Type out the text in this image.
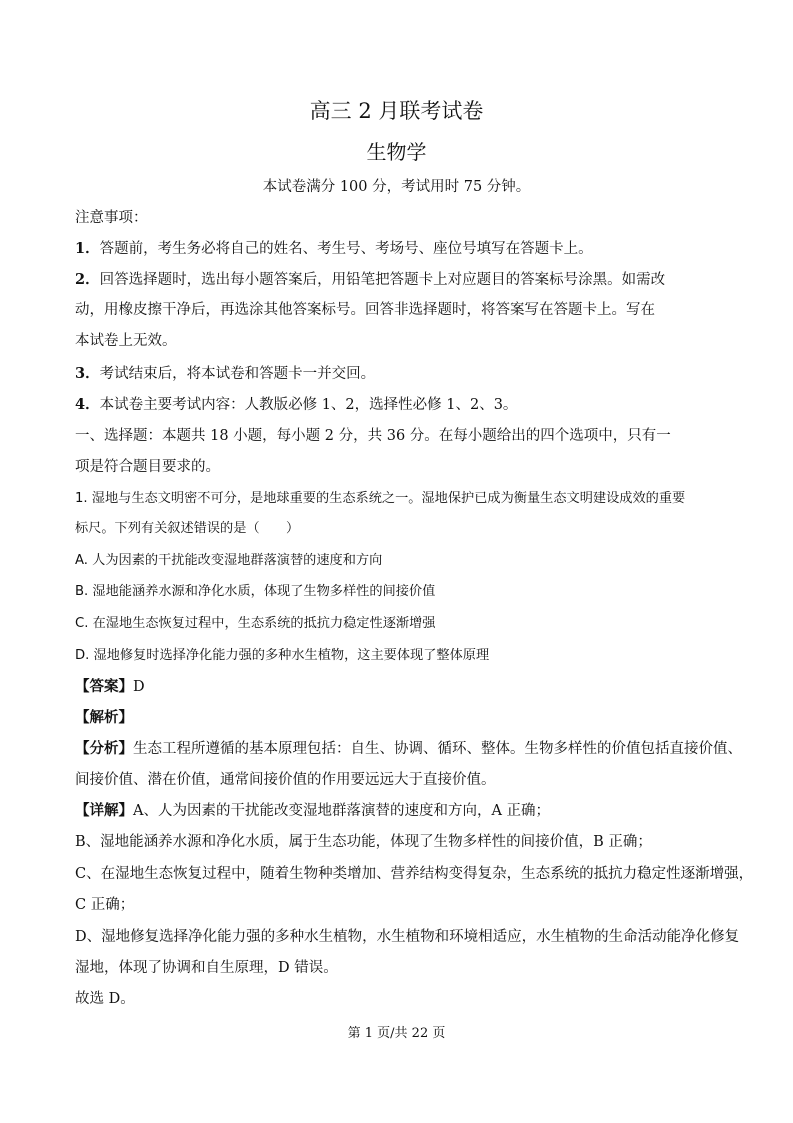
高三 2 月联考试卷
生物学
本试卷满分 100 分，考试用时 75 分钟。
注意事项：
1．答题前，考生务必将自己的姓名、考生号、考场号、座位号填写在答题卡上。
2．回答选择题时，选出每小题答案后，用铅笔把答题卡上对应题目的答案标号涂黑。如需改
动，用橡皮擦干净后，再选涂其他答案标号。回答非选择题时，将答案写在答题卡上。写在
本试卷上无效。
3．考试结束后，将本试卷和答题卡一并交回。
4．本试卷主要考试内容：人教版必修 1、2，选择性必修 1、2、3。
一、选择题：本题共 18 小题，每小题 2 分，共 36 分。在每小题给出的四个选项中，只有一
项是符合题目要求的。
1. 湿地与生态文明密不可分，是地球重要的生态系统之一。湿地保护已成为衡量生态文明建设成效的重要
标尺。下列有关叙述错误的是（　　）
A. 人为因素的干扰能改变湿地群落演替的速度和方向
B. 湿地能涵养水源和净化水质，体现了生物多样性的间接价值
C. 在湿地生态恢复过程中，生态系统的抵抗力稳定性逐渐增强
D. 湿地修复时选择净化能力强的多种水生植物，这主要体现了整体原理
【答案】D
【解析】
【分析】生态工程所遵循的基本原理包括：自生、协调、循环、整体。生物多样性的价值包括直接价值、
间接价值、潜在价值，通常间接价值的作用要远远大于直接价值。
【详解】A、人为因素的干扰能改变湿地群落演替的速度和方向，A 正确；
B、湿地能涵养水源和净化水质，属于生态功能，体现了生物多样性的间接价值，B 正确；
C、在湿地生态恢复过程中，随着生物种类增加、营养结构变得复杂，生态系统的抵抗力稳定性逐渐增强，
C 正确；
D、湿地修复选择净化能力强的多种水生植物，水生植物和环境相适应，水生植物的生命活动能净化修复
湿地，体现了协调和自生原理，D 错误。
故选 D。
第 1 页/共 22 页
